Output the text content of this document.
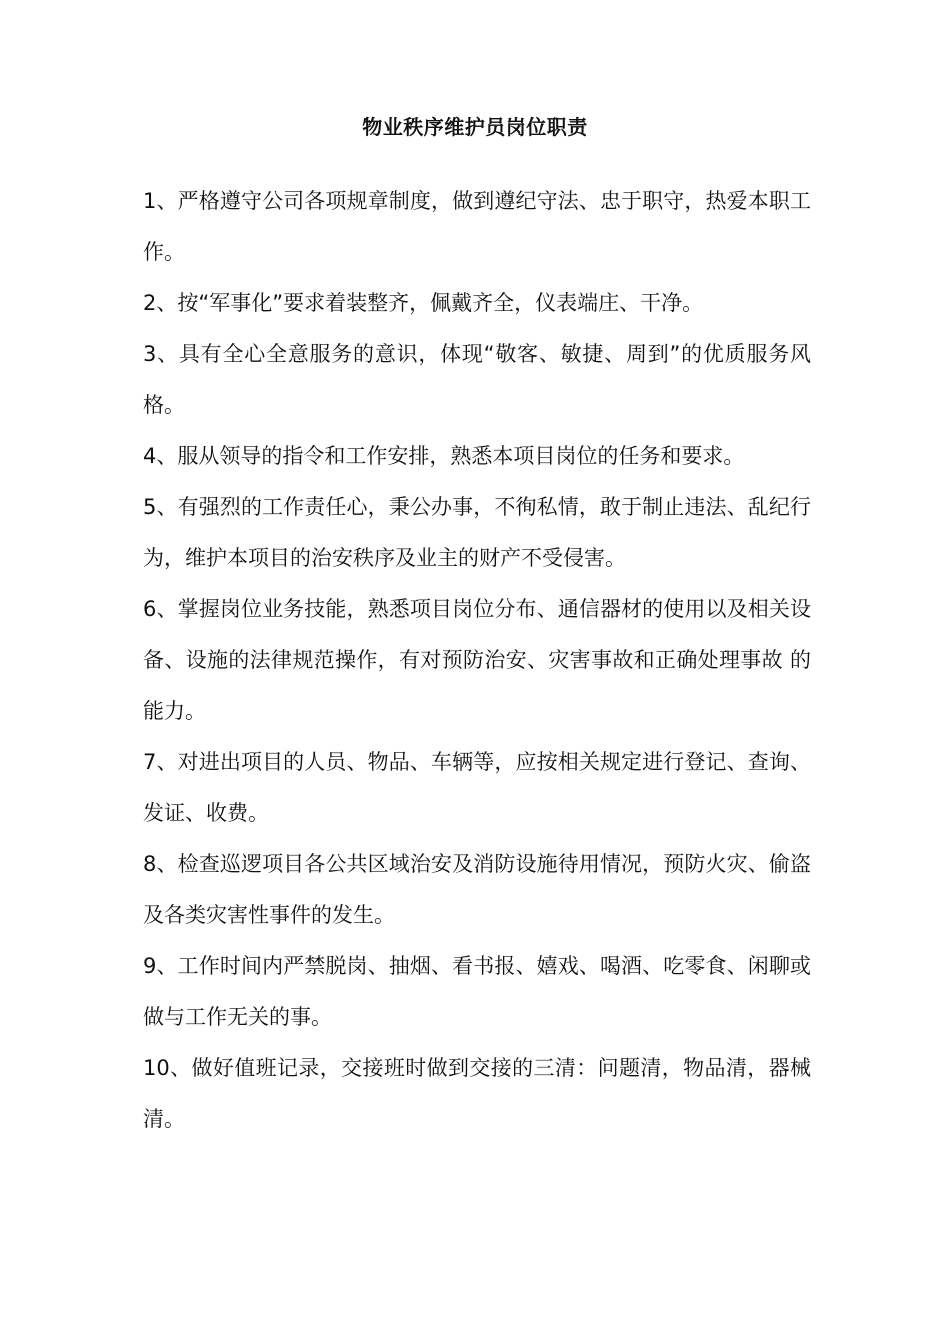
物业秩序维护员岗位职责
1、严格遵守公司各项规章制度，做到遵纪守法、忠于职守，热爱本职工作。
2、按“军事化”要求着装整齐，佩戴齐全，仪表端庄、干净。
3、具有全心全意服务的意识，体现“敬客、敏捷、周到”的优质服务风格。
4、服从领导的指令和工作安排，熟悉本项目岗位的任务和要求。
5、有强烈的工作责任心，秉公办事，不徇私情，敢于制止违法、乱纪行为，维护本项目的治安秩序及业主的财产不受侵害。
6、掌握岗位业务技能，熟悉项目岗位分布、通信器材的使用以及相关设备、设施的法律规范操作，有对预防治安、灾害事故和正确处理事故 的能力。
7、对进出项目的人员、物品、车辆等，应按相关规定进行登记、查询、发证、收费。
8、检查巡逻项目各公共区域治安及消防设施待用情况，预防火灾、偷盗及各类灾害性事件的发生。
9、工作时间内严禁脱岗、抽烟、看书报、嬉戏、喝酒、吃零食、闲聊或做与工作无关的事。
10、做好值班记录，交接班时做到交接的三清：问题清，物品清，器械清。
